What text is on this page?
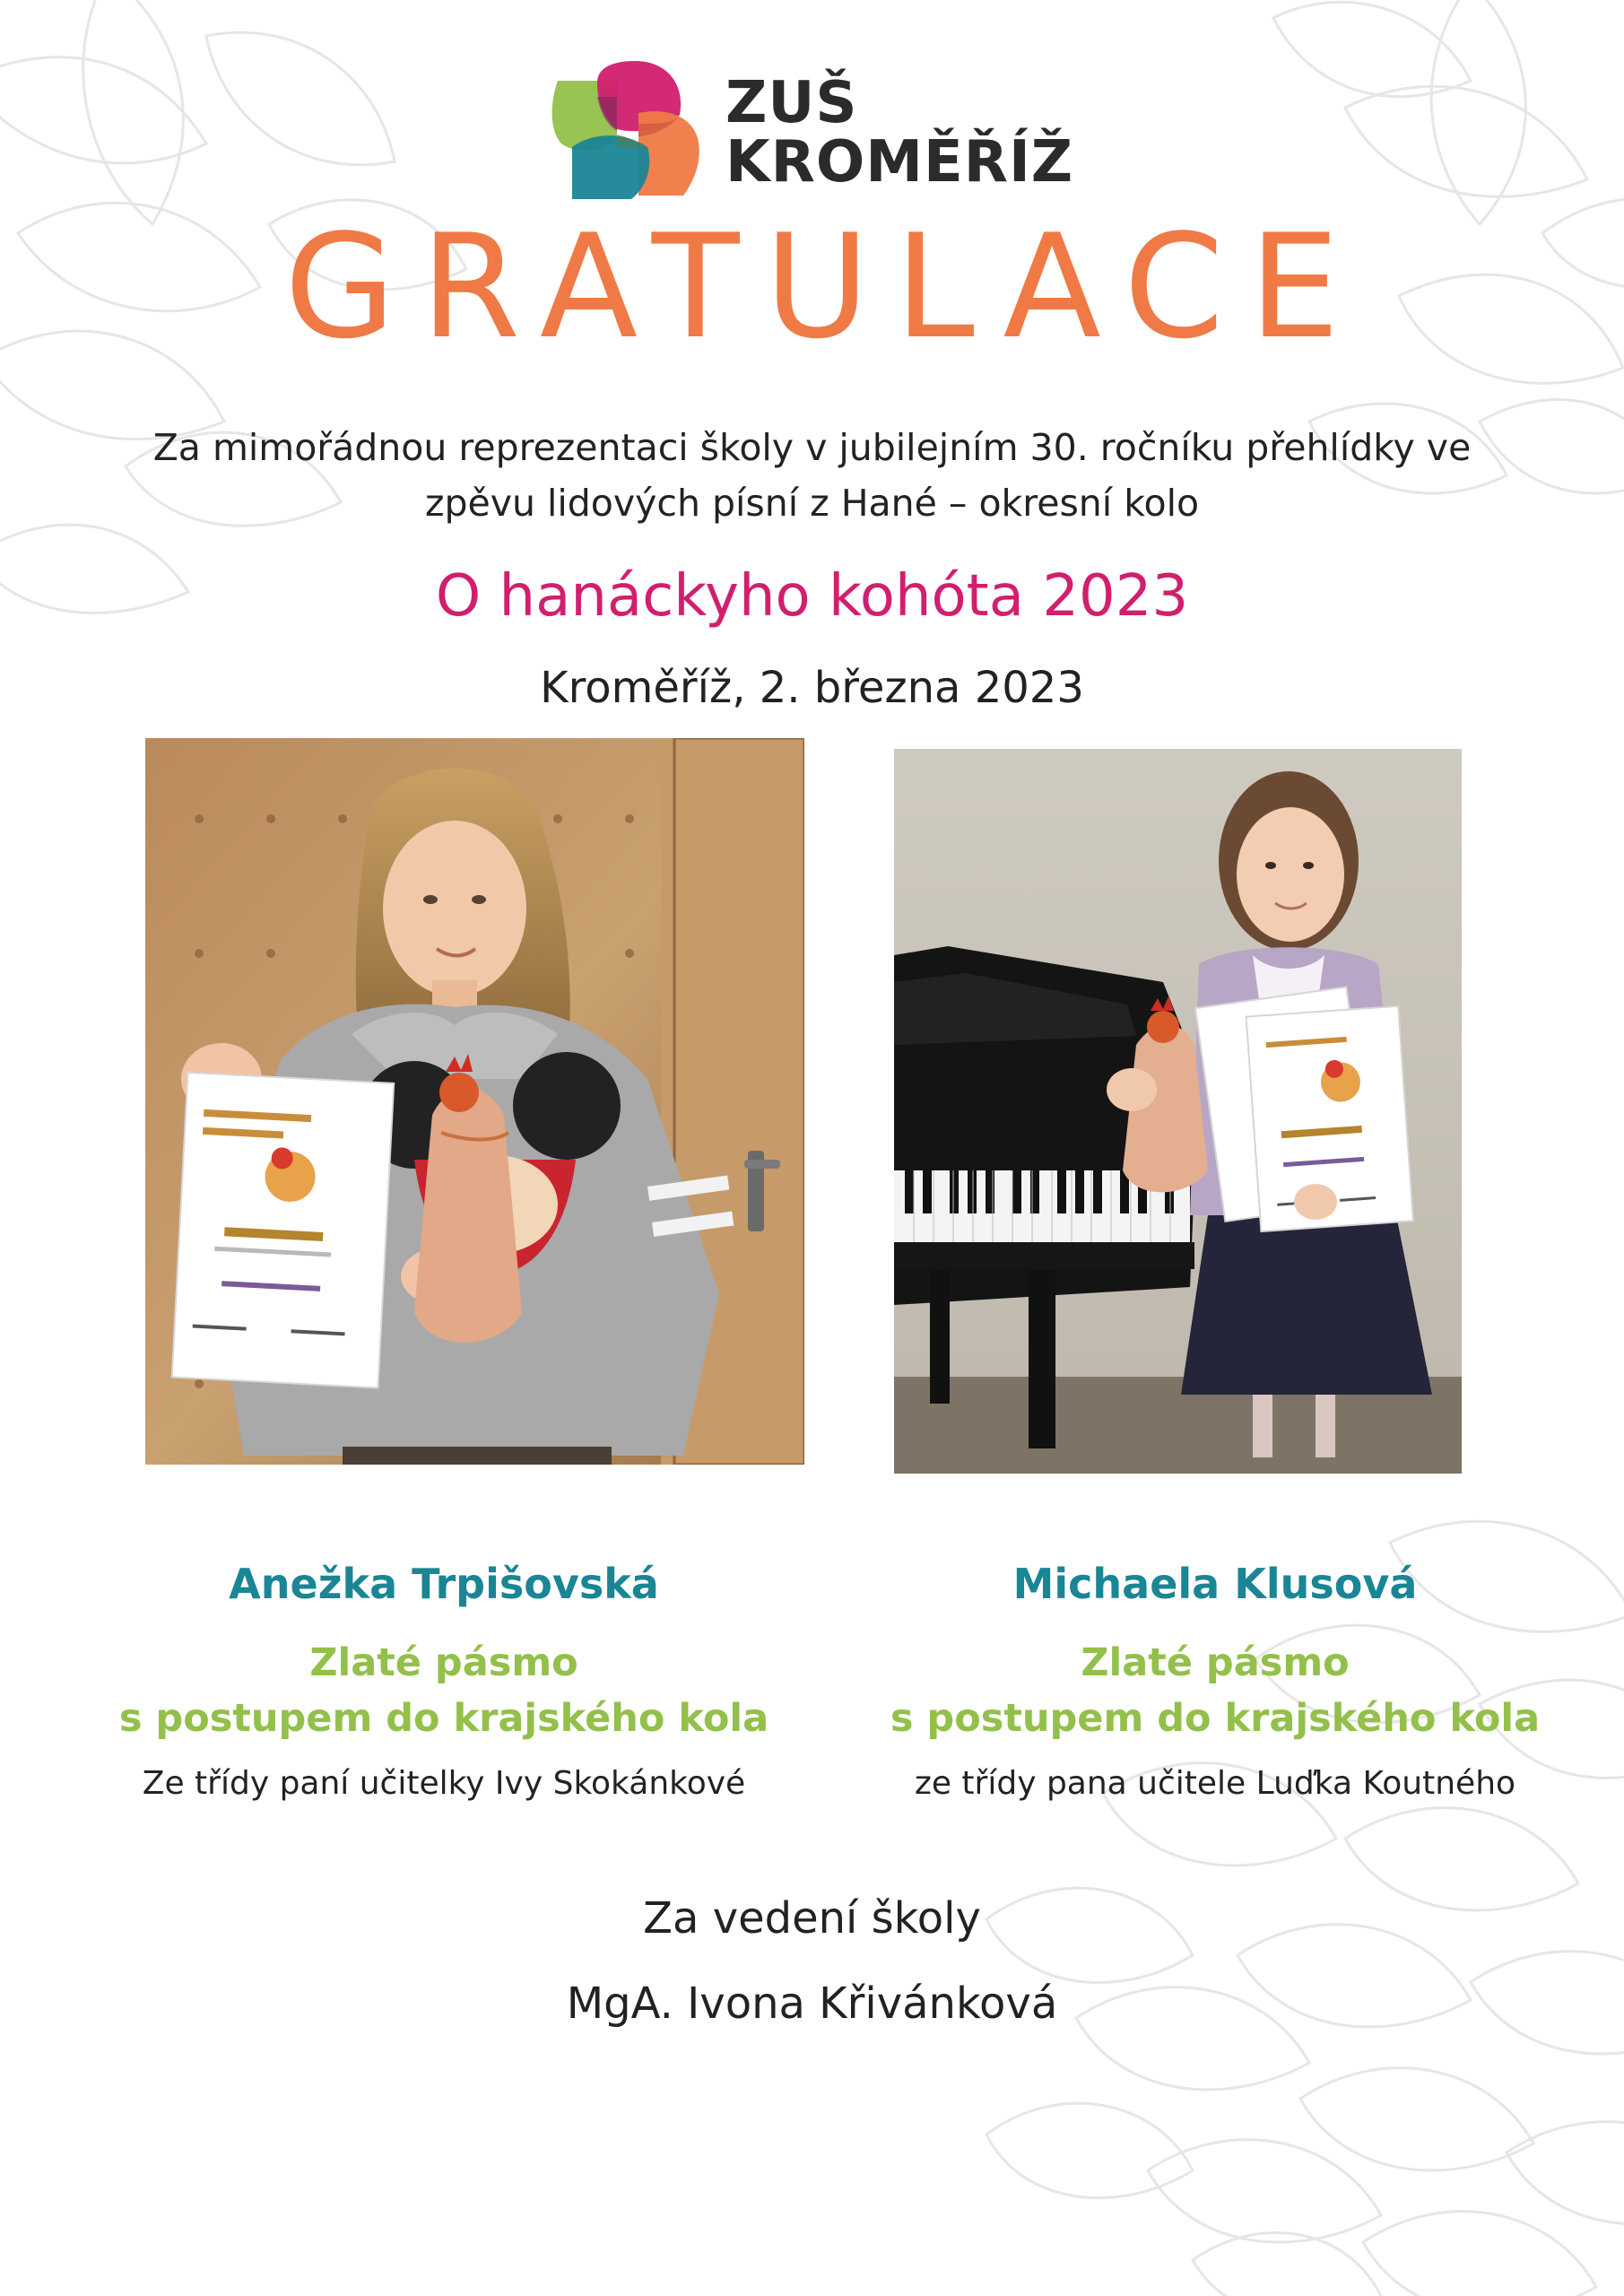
ZUŠ
KROMĚŘÍŽ
GRATULACE
Za mimořádnou reprezentaci školy v jubilejním 30. ročníku přehlídky ve
zpěvu lidových písní z Hané – okresní kolo
O hanáckyho kohóta 2023
Kroměříž, 2. března 2023
Anežka Trpišovská
Zlaté pásmo
s postupem do krajského kola
Ze třídy paní učitelky Ivy Skokánkové
Michaela Klusová
Zlaté pásmo
s postupem do krajského kola
ze třídy pana učitele Luďka Koutného
Za vedení školy
MgA. Ivona Křivánková
